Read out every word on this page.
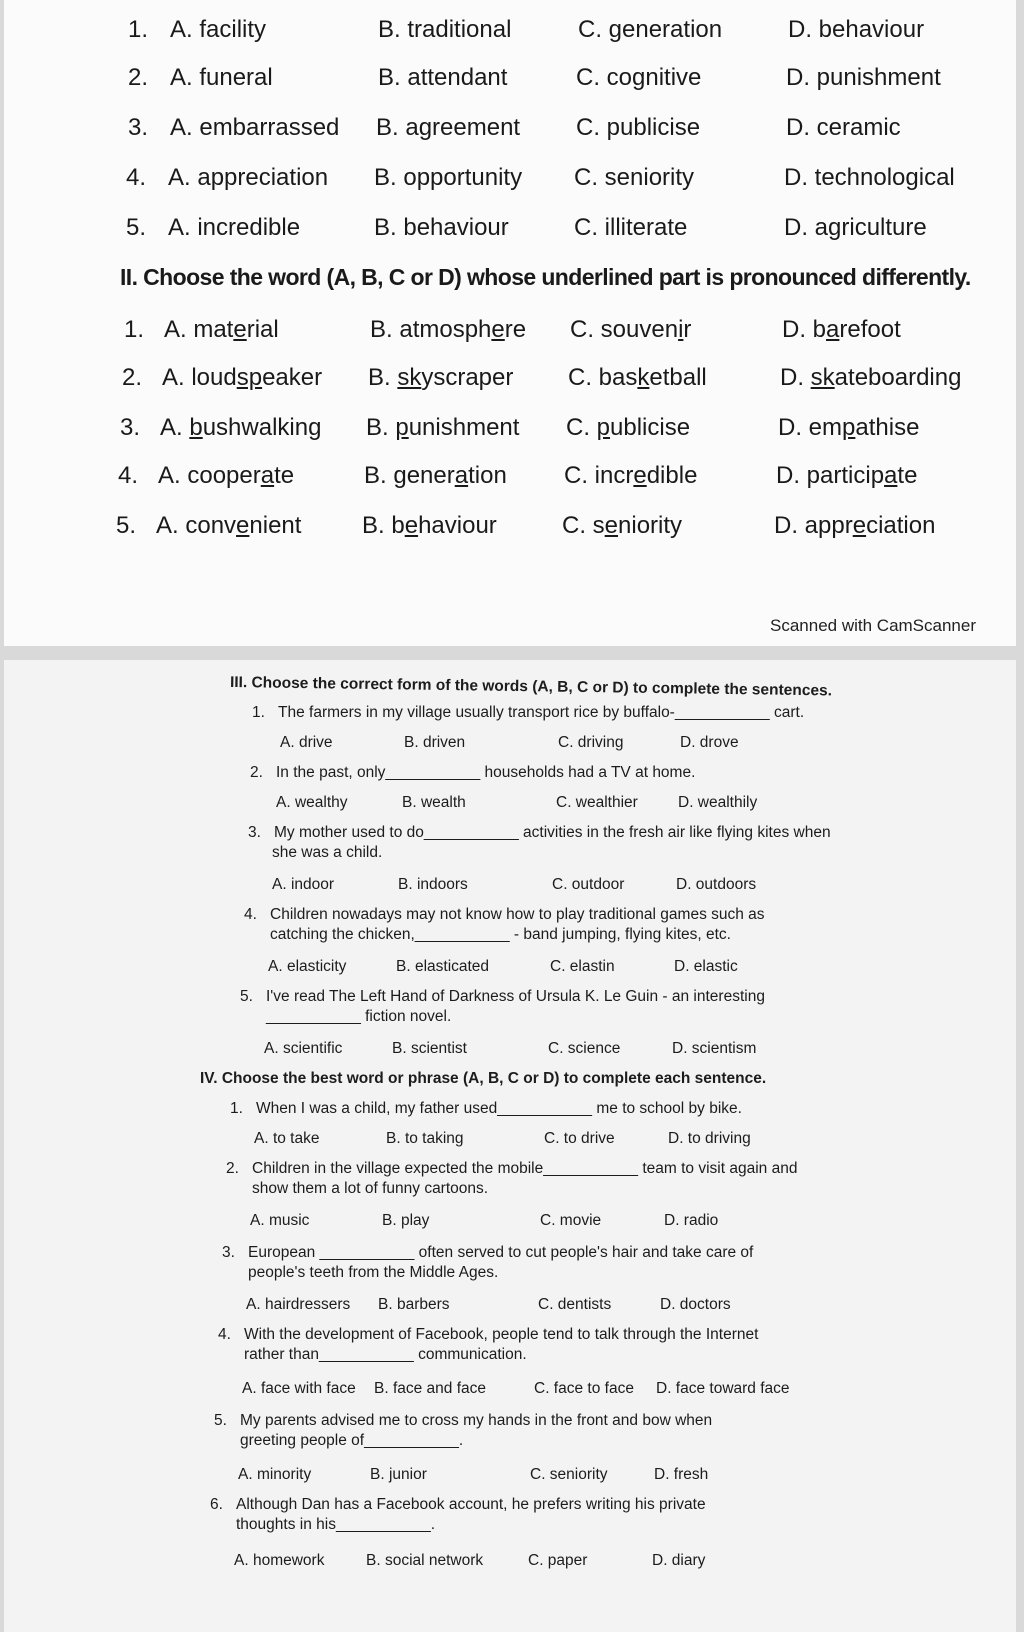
1. A. facility	B. traditional	C. generation	D. behaviour
2. A. funeral	B. attendant	C. cognitive	D. punishment
3. A. embarrassed B. agreement C. publicise	D. ceramic
4. A. appreciation B. opportunity C. seniority	D. technological
5. A. incredible	B. behaviour	C. illiterate	D. agriculture
II. Choose the word (A, B, C or D) whose underlined part is pronounced differently.
1. A. material	B. atmosphere C. souvenir	D. barefoot
2. A. loudspeaker B. skyscraper C. basketball	D. skateboarding
3. A. bushwalking B. punishment C. publicise	D. empathise
4. A. cooperate	B. generation C. incredible	D. participate
5. A. convenient	B. behaviour	C. seniority	D. appreciation
Scanned with CamScanner
III. Choose the correct form of the words (A, B, C or D) to complete the sentences.
1. The farmers in my village usually transport rice by buffalo-___________ cart.
A. drive	B. driven	C. driving	D. drove
2. In the past, only___________ households had a TV at home.
A. wealthy	B. wealth	C. wealthier	D. wealthily
3. My mother used to do___________ activities in the fresh air like flying kites when
she was a child.
A. indoor	B. indoors	C. outdoor	D. outdoors
4. Children nowadays may not know how to play traditional games such as
catching the chicken,___________ - band jumping, flying kites, etc.
A. elasticity	B. elasticated	C. elastin	D. elastic
5. I've read The Left Hand of Darkness of Ursula K. Le Guin - an interesting
___________ fiction novel.
A. scientific	B. scientist	C. science	D. scientism
IV. Choose the best word or phrase (A, B, C or D) to complete each sentence.
1. When I was a child, my father used___________ me to school by bike.
A. to take	B. to taking	C. to drive	D. to driving
2. Children in the village expected the mobile___________ team to visit again and
show them a lot of funny cartoons.
A. music	B. play	C. movie	D. radio
3. European ___________ often served to cut people's hair and take care of
people's teeth from the Middle Ages.
A. hairdressers B. barbers	C. dentists	D. doctors
4. With the development of Facebook, people tend to talk through the Internet
rather than___________ communication.
A. face with face B. face and face	C. face to face D. face toward face
5. My parents advised me to cross my hands in the front and bow when
greeting people of___________.
A. minority	B. junior	C. seniority	D. fresh
6. Although Dan has a Facebook account, he prefers writing his private
thoughts in his___________.
A. homework	B. social network	C. paper	D. diary
